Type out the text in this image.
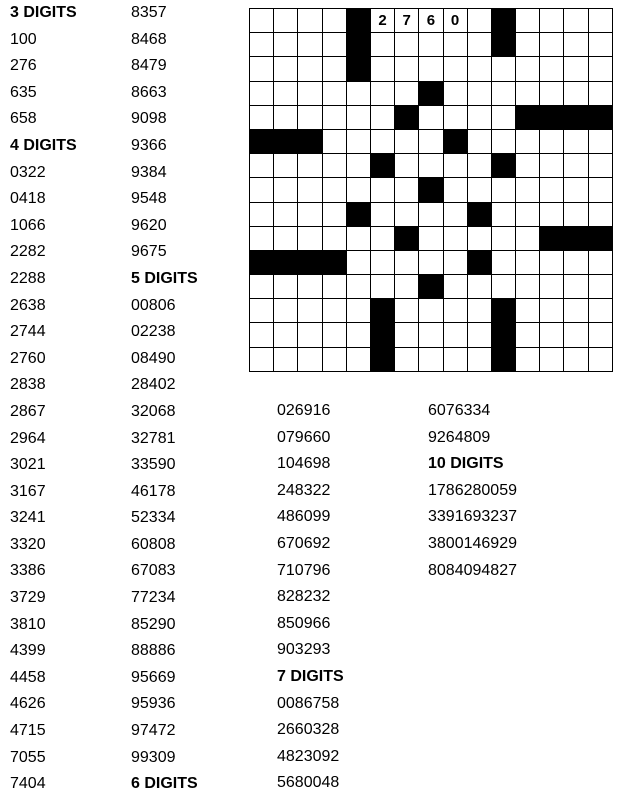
3 DIGITS
100
276
635
658
4 DIGITS
0322
0418
1066
2282
2288
2638
2744
2760
2838
2867
2964
3021
3167
3241
3320
3386
3729
3810
4399
4458
4626
4715
7055
7404
8357
8468
8479
8663
9098
9366
9384
9548
9620
9675
5 DIGITS
00806
02238
08490
28402
32068
32781
33590
46178
52334
60808
67083
77234
85290
88886
95669
95936
97472
99309
6 DIGITS
026916
079660
104698
248322
486099
670692
710796
828232
850966
903293
7 DIGITS
0086758
2660328
4823092
5680048
6076334
9264809
10 DIGITS
1786280059
3391693237
3800146929
8084094827
2	7	6	0
